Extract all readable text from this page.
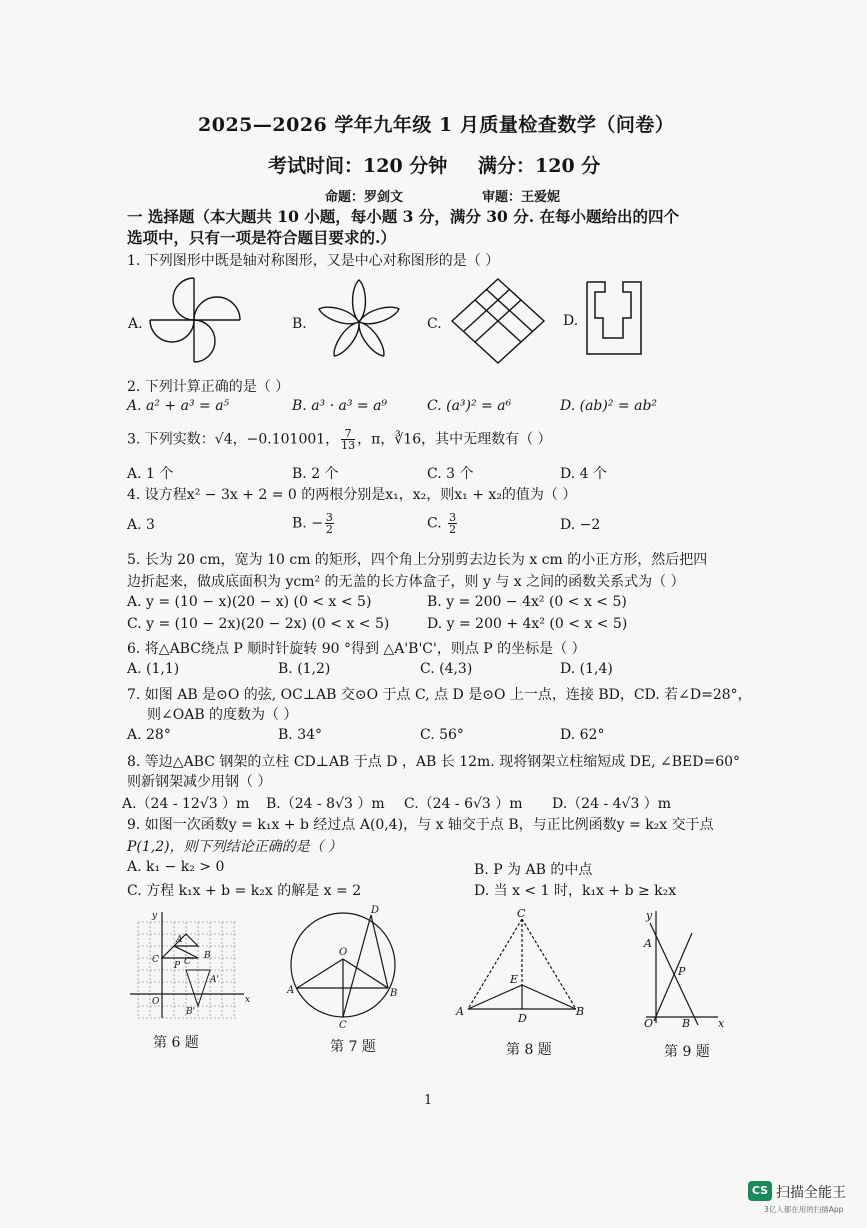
2025—2026 学年九年级 1 月质量检查数学（问卷）
考试时间：120 分钟 满分：120 分
命题：罗剑文	审题：王爱妮
一 选择题（本大题共 10 小题，每小题 3 分，满分 30 分. 在每小题给出的四个
选项中，只有一项是符合题目要求的.）
1. 下列图形中既是轴对称图形，又是中心对称图形的是（ ）
A.	B.	C.	D.
2. 下列计算正确的是（ ）
A. a² + a³ = a⁵	B. a³ · a³ = a⁹	C. (a³)² = a⁶	D. (ab)² = ab²
3. 下列实数：√4，−0.101001， $\frac{7}{13}$ ，π，∛16，其中无理数有（ ）
A. 1 个	B. 2 个	C. 3 个	D. 4 个
4. 设方程x² − 3x + 2 = 0 的两根分别是x₁，x₂，则x₁ + x₂的值为（ ）
A. 3	B. − $\frac{3}{2}$	C. $\frac{3}{2}$	D. −2
5. 长为 20 cm，宽为 10 cm 的矩形，四个角上分别剪去边长为 x cm 的小正方形，然后把四
边折起来，做成底面积为 ycm² 的无盖的长方体盒子，则 y 与 x 之间的函数关系式为（ ）
A. y = (10 − x)(20 − x) (0 < x < 5)	B. y = 200 − 4x² (0 < x < 5)
C. y = (10 − 2x)(20 − 2x) (0 < x < 5)	D. y = 200 + 4x² (0 < x < 5)
6. 将△ABC绕点 P 顺时针旋转 90 °得到 △A'B'C'，则点 P 的坐标是（ ）
A. (1,1)	B. (1,2)	C. (4,3)	D. (1,4)
7. 如图 AB 是⊙O 的弦, OC⊥AB 交⊙O 于点 C, 点 D 是⊙O 上一点，连接 BD，CD. 若∠D=28°，
则∠OAB 的度数为（ ）
A. 28°	B. 34°	C. 56°	D. 62°
8. 等边△ABC 钢架的立柱 CD⊥AB 于点 D ，AB 长 12m. 现将钢架立柱缩短成 DE, ∠BED=60°
则新钢架减少用钢（ ）
A.（24 - 12√3 ）m B.（24 - 8√3 ）m C.（24 - 6√3 ）m D.（24 - 4√3 ）m
9. 如图一次函数y = k₁x + b 经过点 A(0,4)，与 x 轴交于点 B，与正比例函数y = k₂x 交于点
P(1,2)，则下列结论正确的是（ ）
A. k₁ − k₂ > 0	B. P 为 AB 的中点
C. 方程 k₁x + b = k₂x 的解是 x = 2	D. 当 x < 1 时，k₁x + b ≥ k₂x
y
x
O
A
B
C
P
A'
B'
C'
第 6 题
O
A	B
C
D
第 7 题
C
A	B
D
E
第 8 题
y
x
O
A
B
P
第 9 题
1
CS 扫描全能王
3亿人都在用的扫描App
